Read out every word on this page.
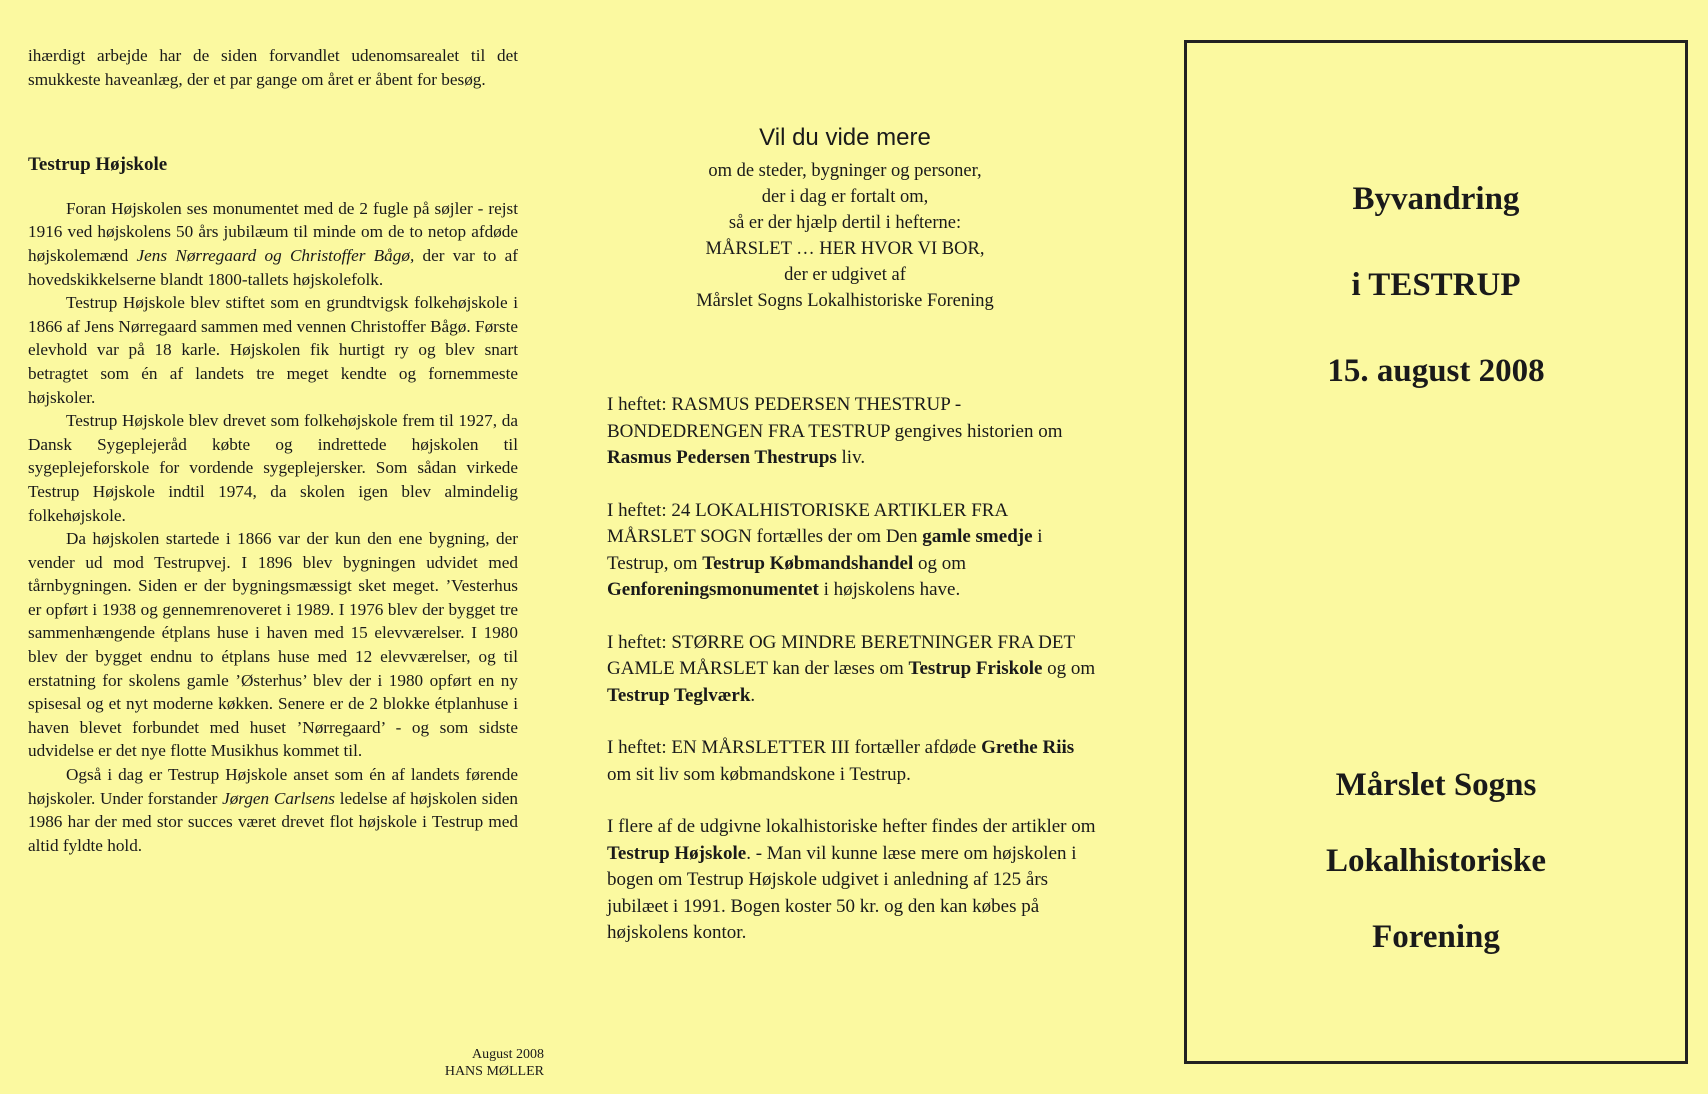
ihærdigt arbejde har de siden forvandlet udenomsarealet til det smukkeste haveanlæg, der et par gange om året er åbent for besøg.

Testrup Højskole

Foran Højskolen ses monumentet med de 2 fugle på søjler - rejst 1916 ved højskolens 50 års jubilæum til minde om de to netop afdøde højskolemænd Jens Nørregaard og Christoffer Bågø, der var to af hovedskikkelserne blandt 1800-tallets højskolefolk.

Testrup Højskole blev stiftet som en grundtvigsk folkehøjskole i 1866 af Jens Nørregaard sammen med vennen Christoffer Bågø. Første elevhold var på 18 karle. Højskolen fik hurtigt ry og blev snart betragtet som én af landets tre meget kendte og fornemmeste højskoler.

Testrup Højskole blev drevet som folkehøjskole frem til 1927, da Dansk Sygeplejeråd købte og indrettede højskolen til sygeplejeforskole for vordende sygeplejersker. Som sådan virkede Testrup Højskole indtil 1974, da skolen igen blev almindelig folkehøjskole.

Da højskolen startede i 1866 var der kun den ene bygning, der vender ud mod Testrupvej. I 1896 blev bygningen udvidet med tårnbygningen. Siden er der bygningsmæssigt sket meget. ’Vesterhus er opført i 1938 og gennemrenoveret i 1989. I 1976 blev der bygget tre sammenhængende étplans huse i haven med 15 elevværelser. I 1980 blev der bygget endnu to étplans huse med 12 elevværelser, og til erstatning for skolens gamle ’Østerhus’ blev der i 1980 opført en ny spisesal og et nyt moderne køkken. Senere er de 2 blokke étplanhuse i haven blevet forbundet med huset ’Nørregaard’ - og som sidste udvidelse er det nye flotte Musikhus kommet til.

Også i dag er Testrup Højskole anset som én af landets førende højskoler. Under forstander Jørgen Carlsens ledelse af højskolen siden 1986 har der med stor succes været drevet flot højskole i Testrup med altid fyldte hold.

August 2008
HANS MØLLER
Vil du vide mere
om de steder, bygninger og personer,
der i dag er fortalt om,
så er der hjælp dertil i hefterne:
MÅRSLET … HER HVOR VI BOR,
der er udgivet af
Mårslet Sogns Lokalhistoriske Forening

I heftet: RASMUS PEDERSEN THESTRUP - BONDEDRENGEN FRA TESTRUP gengives historien om Rasmus Pedersen Thestrups liv.

I heftet: 24 LOKALHISTORISKE ARTIKLER FRA MÅRSLET SOGN fortælles der om Den gamle smedje i Testrup, om Testrup Købmandshandel og om Genforeningsmonumentet i højskolens have.

I heftet: STØRRE OG MINDRE BERETNINGER FRA DET GAMLE MÅRSLET kan der læses om Testrup Friskole og om Testrup Teglværk.

I heftet: EN MÅRSLETTER III fortæller afdøde Grethe Riis om sit liv som købmandskone i Testrup.

I flere af de udgivne lokalhistoriske hefter findes der artikler om Testrup Højskole. - Man vil kunne læse mere om højskolen i bogen om Testrup Højskole udgivet i anledning af 125 års jubilæet i 1991. Bogen koster 50 kr. og den kan købes på højskolens kontor.

Byvandring
i TESTRUP
15. august 2008
Mårslet Sogns
Lokalhistoriske
Forening
